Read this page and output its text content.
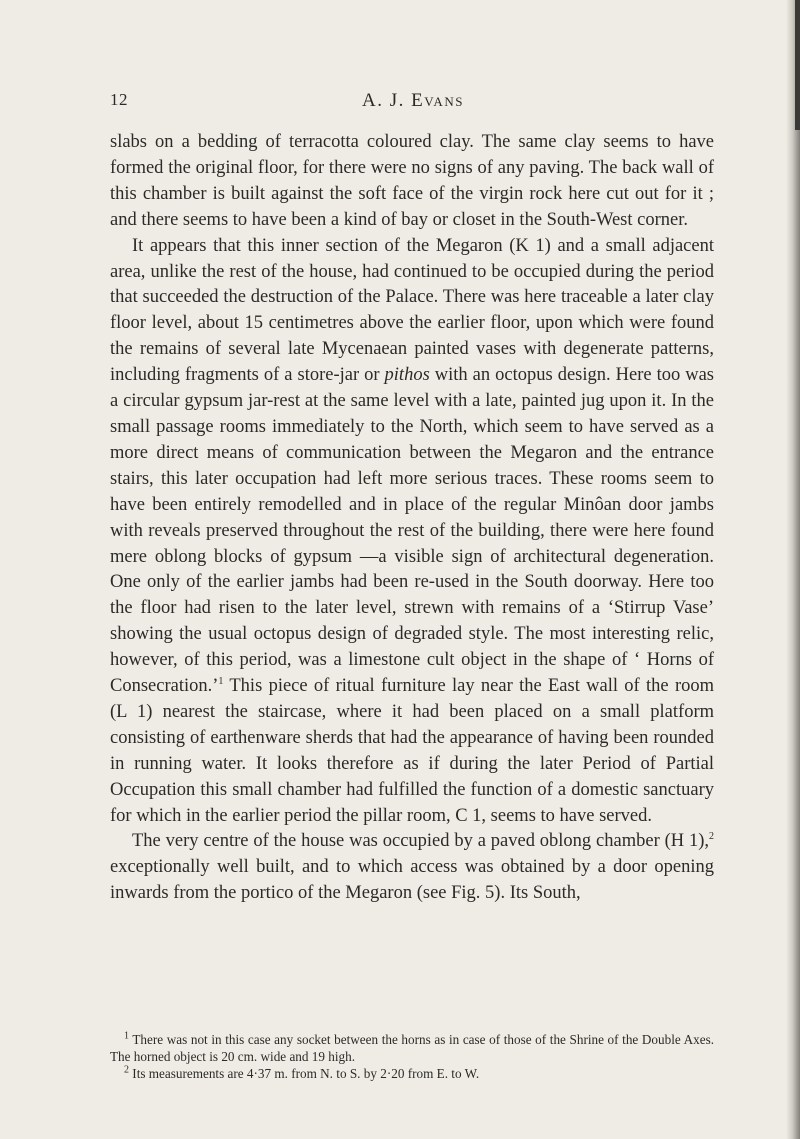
12	A. J. Evans

slabs on a bedding of terracotta coloured clay. The same clay seems to have formed the original floor, for there were no signs of any paving. The back wall of this chamber is built against the soft face of the virgin rock here cut out for it ; and there seems to have been a kind of bay or closet in the South-West corner.

It appears that this inner section of the Megaron (K 1) and a small adjacent area, unlike the rest of the house, had continued to be occupied during the period that succeeded the destruction of the Palace. There was here traceable a later clay floor level, about 15 centimetres above the earlier floor, upon which were found the remains of several late Mycenaean painted vases with degenerate patterns, including fragments of a store-jar or pithos with an octopus design. Here too was a circular gypsum jar-rest at the same level with a late, painted jug upon it. In the small passage rooms immediately to the North, which seem to have served as a more direct means of communication between the Megaron and the entrance stairs, this later occupation had left more serious traces. These rooms seem to have been entirely remodelled and in place of the regular Minôan door jambs with reveals preserved throughout the rest of the building, there were here found mere oblong blocks of gypsum —a visible sign of architectural degeneration. One only of the earlier jambs had been re-used in the South doorway. Here too the floor had risen to the later level, strewn with remains of a ‘Stirrup Vase’ showing the usual octopus design of degraded style. The most interesting relic, however, of this period, was a limestone cult object in the shape of ‘ Horns of Consecration.’$^1$ This piece of ritual furniture lay near the East wall of the room (L 1) nearest the staircase, where it had been placed on a small platform consisting of earthenware sherds that had the appearance of having been rounded in running water. It looks therefore as if during the later Period of Partial Occupation this small chamber had fulfilled the function of a domestic sanctuary for which in the earlier period the pillar room, C 1, seems to have served.

The very centre of the house was occupied by a paved oblong chamber (H 1),$^2$ exceptionally well built, and to which access was obtained by a door opening inwards from the portico of the Megaron (see Fig. 5). Its South,

$^1$ There was not in this case any socket between the horns as in case of those of the Shrine of the Double Axes. The horned object is 20 cm. wide and 19 high.

$^2$ Its measurements are 4·37 m. from N. to S. by 2·20 from E. to W.
